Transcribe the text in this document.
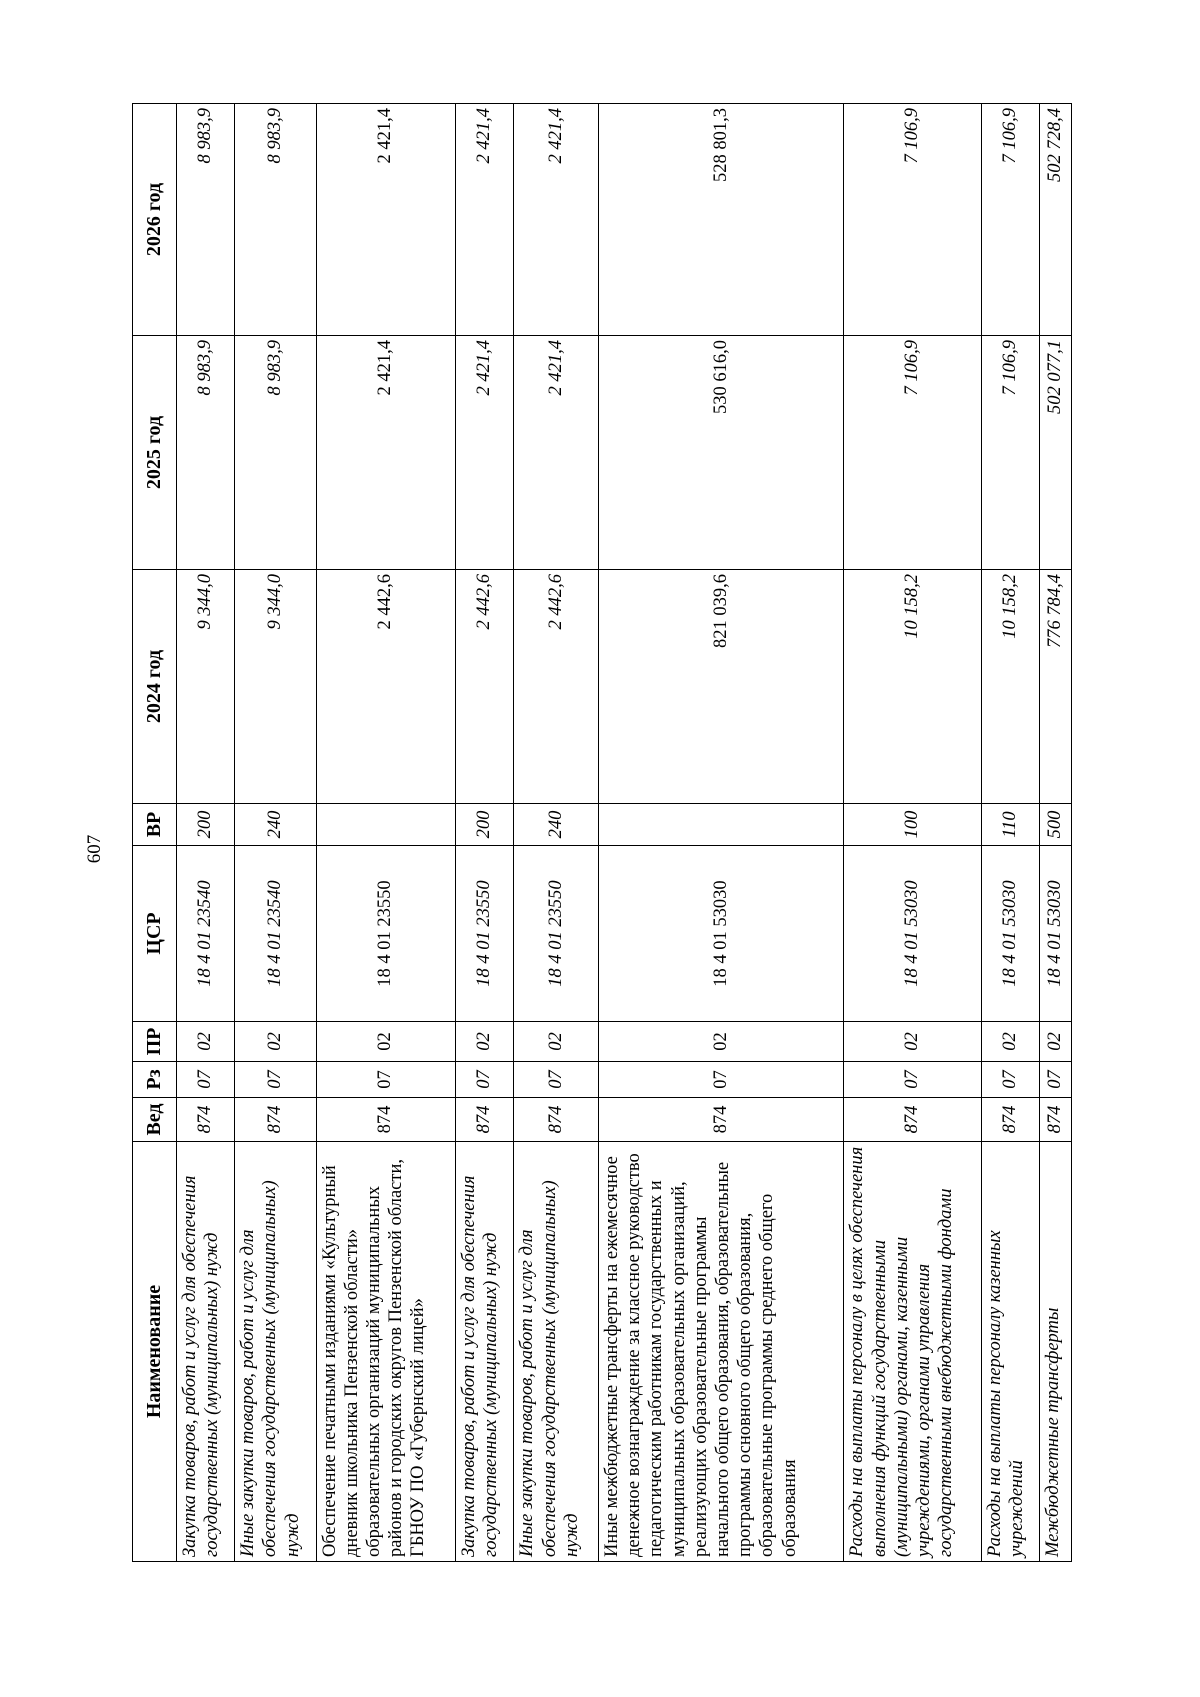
607
Наименование	Вед	Рз	ПР	ЦСР	ВР	2024 год	2025 год	2026 год
Закупка товаров, работ и услуг для обеспечения государственных (муниципальных) нужд	874	07	02	18 4 01 23540	200	9 344,0	8 983,9	8 983,9
Иные закупки товаров, работ и услуг для обеспечения государственных (муниципальных) нужд	874	07	02	18 4 01 23540	240	9 344,0	8 983,9	8 983,9
Обеспечение печатными изданиями «Культурный дневник школьника Пензенской области» образовательных организаций муниципальных районов и городских округов Пензенской области, ГБНОУ ПО «Губернский лицей»	874	07	02	18 4 01 23550		2 442,6	2 421,4	2 421,4
Закупка товаров, работ и услуг для обеспечения государственных (муниципальных) нужд	874	07	02	18 4 01 23550	200	2 442,6	2 421,4	2 421,4
Иные закупки товаров, работ и услуг для обеспечения государственных (муниципальных) нужд	874	07	02	18 4 01 23550	240	2 442,6	2 421,4	2 421,4
Иные межбюджетные трансферты на ежемесячное денежное вознаграждение за классное руководство педагогическим работникам государственных и муниципальных образовательных организаций, реализующих образовательные программы начального общего образования, образовательные программы основного общего образования, образовательные программы среднего общего образования	874	07	02	18 4 01 53030		821 039,6	530 616,0	528 801,3
Расходы на выплаты персоналу в целях обеспечения выполнения функций государственными (муниципальными) органами, казенными учреждениями, органами управления государственными внебюджетными фондами	874	07	02	18 4 01 53030	100	10 158,2	7 106,9	7 106,9
Расходы на выплаты персоналу казенных учреждений	874	07	02	18 4 01 53030	110	10 158,2	7 106,9	7 106,9
Межбюджетные трансферты	874	07	02	18 4 01 53030	500	776 784,4	502 077,1	502 728,4
